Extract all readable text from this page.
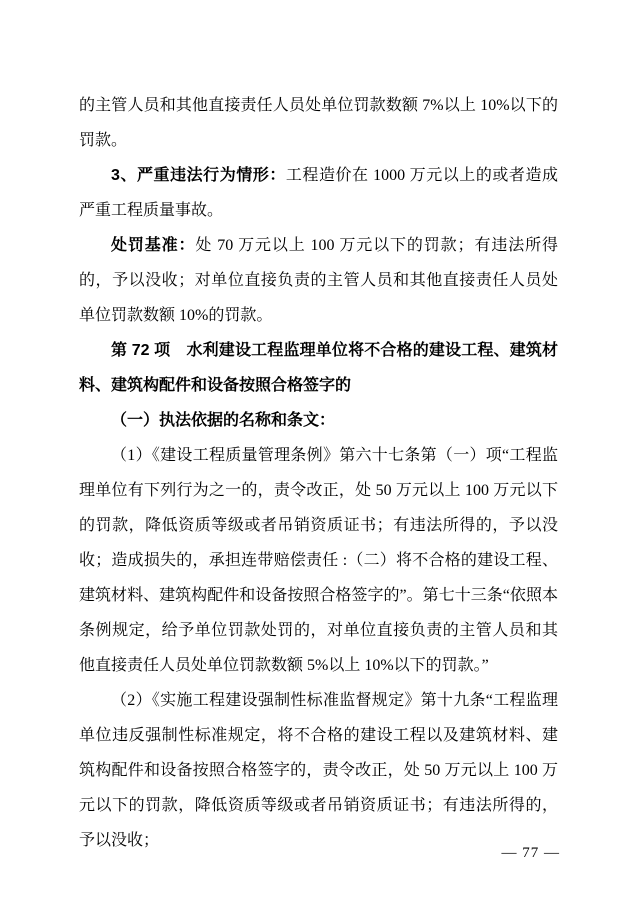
的主管人员和其他直接责任人员处单位罚款数额 7%以上 10%以下的罚款。

3、严重违法行为情形：工程造价在 1000 万元以上的或者造成严重工程质量事故。

处罚基准：处 70 万元以上 100 万元以下的罚款；有违法所得的，予以没收；对单位直接负责的主管人员和其他直接责任人员处单位罚款数额 10%的罚款。

第 72 项　水利建设工程监理单位将不合格的建设工程、建筑材料、建筑构配件和设备按照合格签字的

（一）执法依据的名称和条文：

（1）《建设工程质量管理条例》第六十七条第（一）项“工程监理单位有下列行为之一的，责令改正，处 50 万元以上 100 万元以下的罚款，降低资质等级或者吊销资质证书；有违法所得的，予以没收；造成损失的，承担连带赔偿责任 :（二）将不合格的建设工程、建筑材料、建筑构配件和设备按照合格签字的”。第七十三条“依照本条例规定，给予单位罚款处罚的，对单位直接负责的主管人员和其他直接责任人员处单位罚款数额 5%以上 10%以下的罚款。”

（2）《实施工程建设强制性标准监督规定》第十九条“工程监理单位违反强制性标准规定，将不合格的建设工程以及建筑材料、建筑构配件和设备按照合格签字的，责令改正，处 50 万元以上 100 万元以下的罚款，降低资质等级或者吊销资质证书；有违法所得的，予以没收；

— 77 —
